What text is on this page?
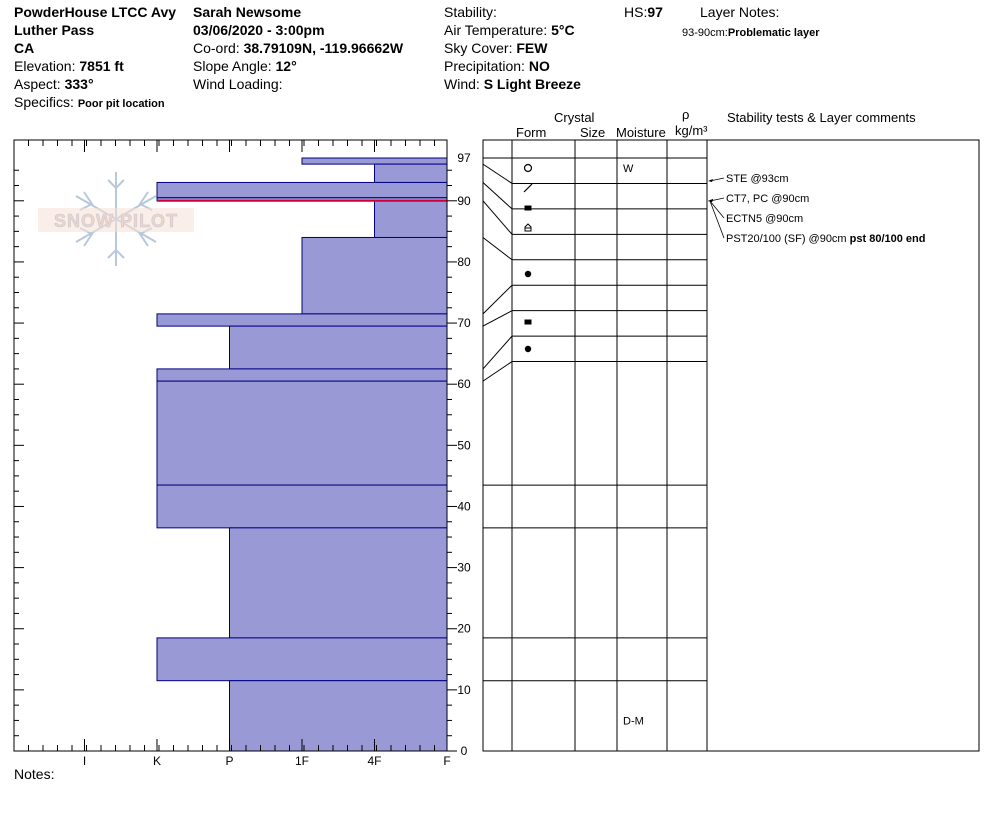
PowderHouse LTCC Avy
Luther Pass
CA
Elevation: 7851 ft
Aspect: 333°
Specifics: Poor pit location
Sarah Newsome
03/06/2020 - 3:00pm
Co-ord: 38.79109N, -119.96662W
Slope Angle: 12°
Wind Loading:
Stability:
Air Temperature: 5°C
Sky Cover: FEW
Precipitation: NO
Wind: S Light Breeze
HS:97	Layer Notes:
93-90cm:Problematic layer
Crystal
Form	Size Moisture
ρ
kg/m³
Stability tests & Layer comments
I	K	P	1F	4F	F
0
10
20
30
40
50
60
70
80
90
97
SNOW PILOT
W
D-M
STE @93cm
CT7, PC @90cm
ECTN5 @90cm
PST20/100 (SF) @90cm pst 80/100 end
Notes:
